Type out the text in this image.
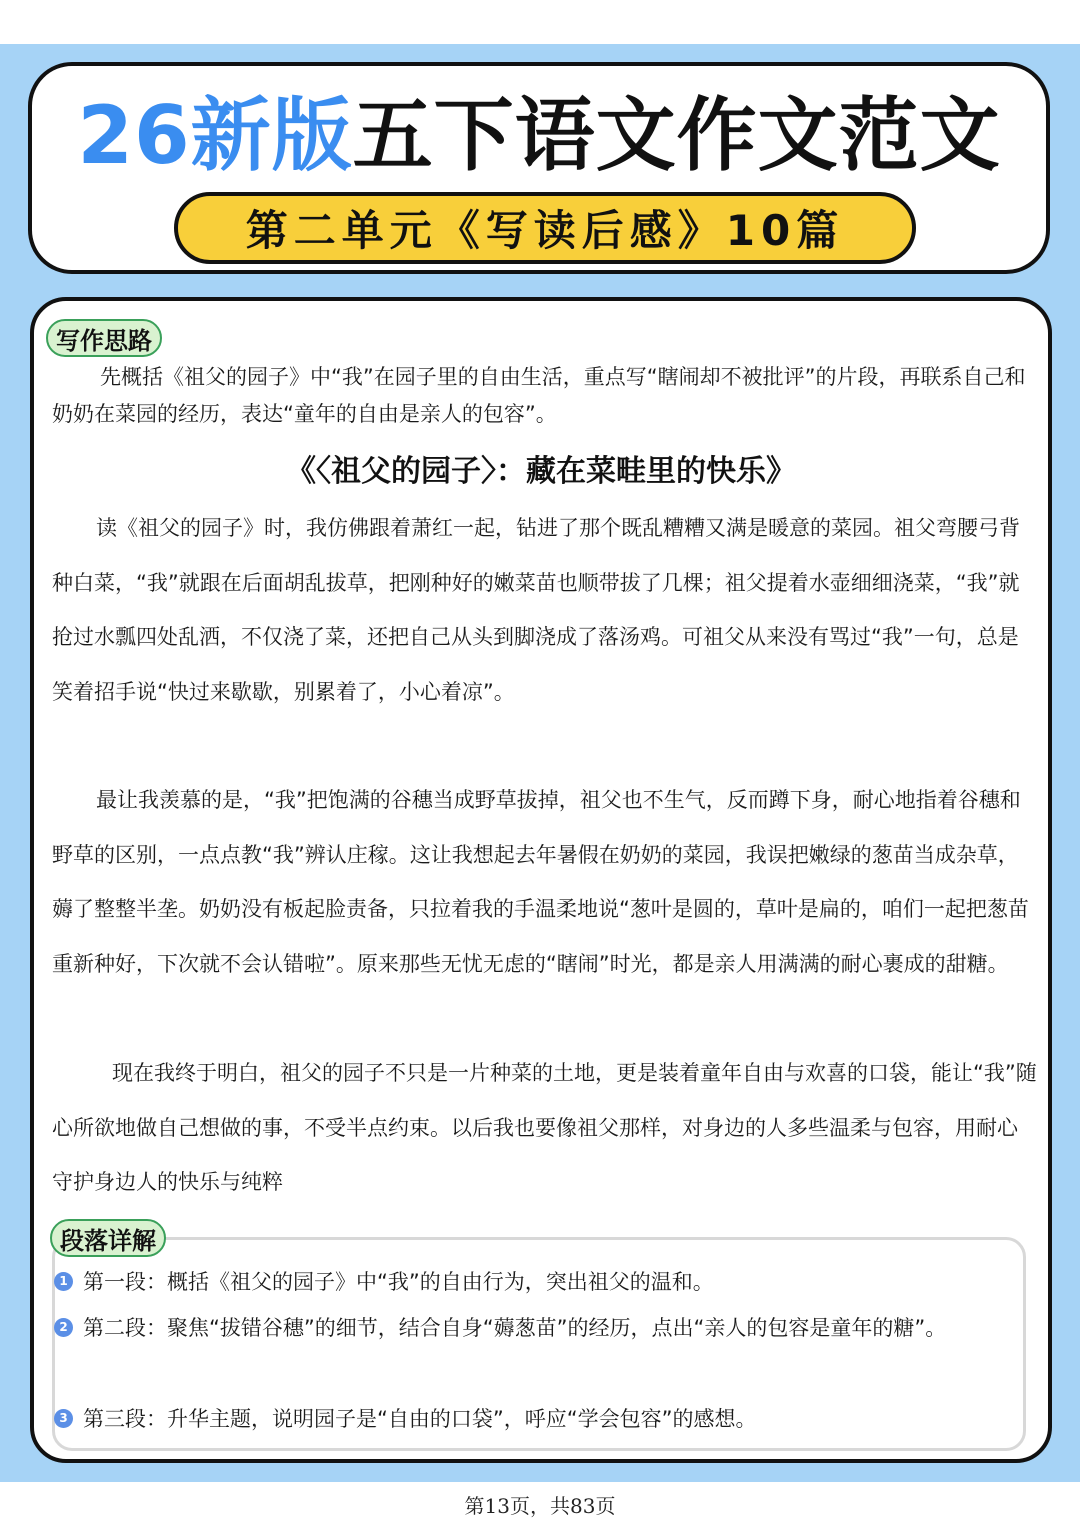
26新版五下语文作文范文
第二单元《写读后感》10篇
写作思路

先概括《祖父的园子》中“我”在园子里的自由生活，重点写“瞎闹却不被批评”的片段，再联系自己和奶奶在菜园的经历，表达“童年的自由是亲人的包容”。

《〈祖父的园子〉：藏在菜畦里的快乐》

读《祖父的园子》时，我仿佛跟着萧红一起，钻进了那个既乱糟糟又满是暖意的菜园。祖父弯腰弓背种白菜，“我”就跟在后面胡乱拔草，把刚种好的嫩菜苗也顺带拔了几棵；祖父提着水壶细细浇菜，“我”就抢过水瓢四处乱洒，不仅浇了菜，还把自己从头到脚浇成了落汤鸡。可祖父从来没有骂过“我”一句，总是笑着招手说“快过来歇歇，别累着了，小心着凉”。

最让我羡慕的是，“我”把饱满的谷穗当成野草拔掉，祖父也不生气，反而蹲下身，耐心地指着谷穗和野草的区别，一点点教“我”辨认庄稼。这让我想起去年暑假在奶奶的菜园，我误把嫩绿的葱苗当成杂草，薅了整整半垄。奶奶没有板起脸责备，只拉着我的手温柔地说“葱叶是圆的，草叶是扁的，咱们一起把葱苗重新种好，下次就不会认错啦”。原来那些无忧无虑的“瞎闹”时光，都是亲人用满满的耐心裹成的甜糖。

现在我终于明白，祖父的园子不只是一片种菜的土地，更是装着童年自由与欢喜的口袋，能让“我”随心所欲地做自己想做的事，不受半点约束。以后我也要像祖父那样，对身边的人多些温柔与包容，用耐心守护身边人的快乐与纯粹

段落详解
1 第一段： 概括《祖父的园子》中“我”的自由行为，突出祖父的温和。
2 第二段： 聚焦“拔错谷穗”的细节，结合自身“薅葱苗”的经历，点出“亲人的包容是童年的糖”。
3 第三段： 升华主题，说明园子是“自由的口袋”，呼应“学会包容”的感想。
第13页，共83页
